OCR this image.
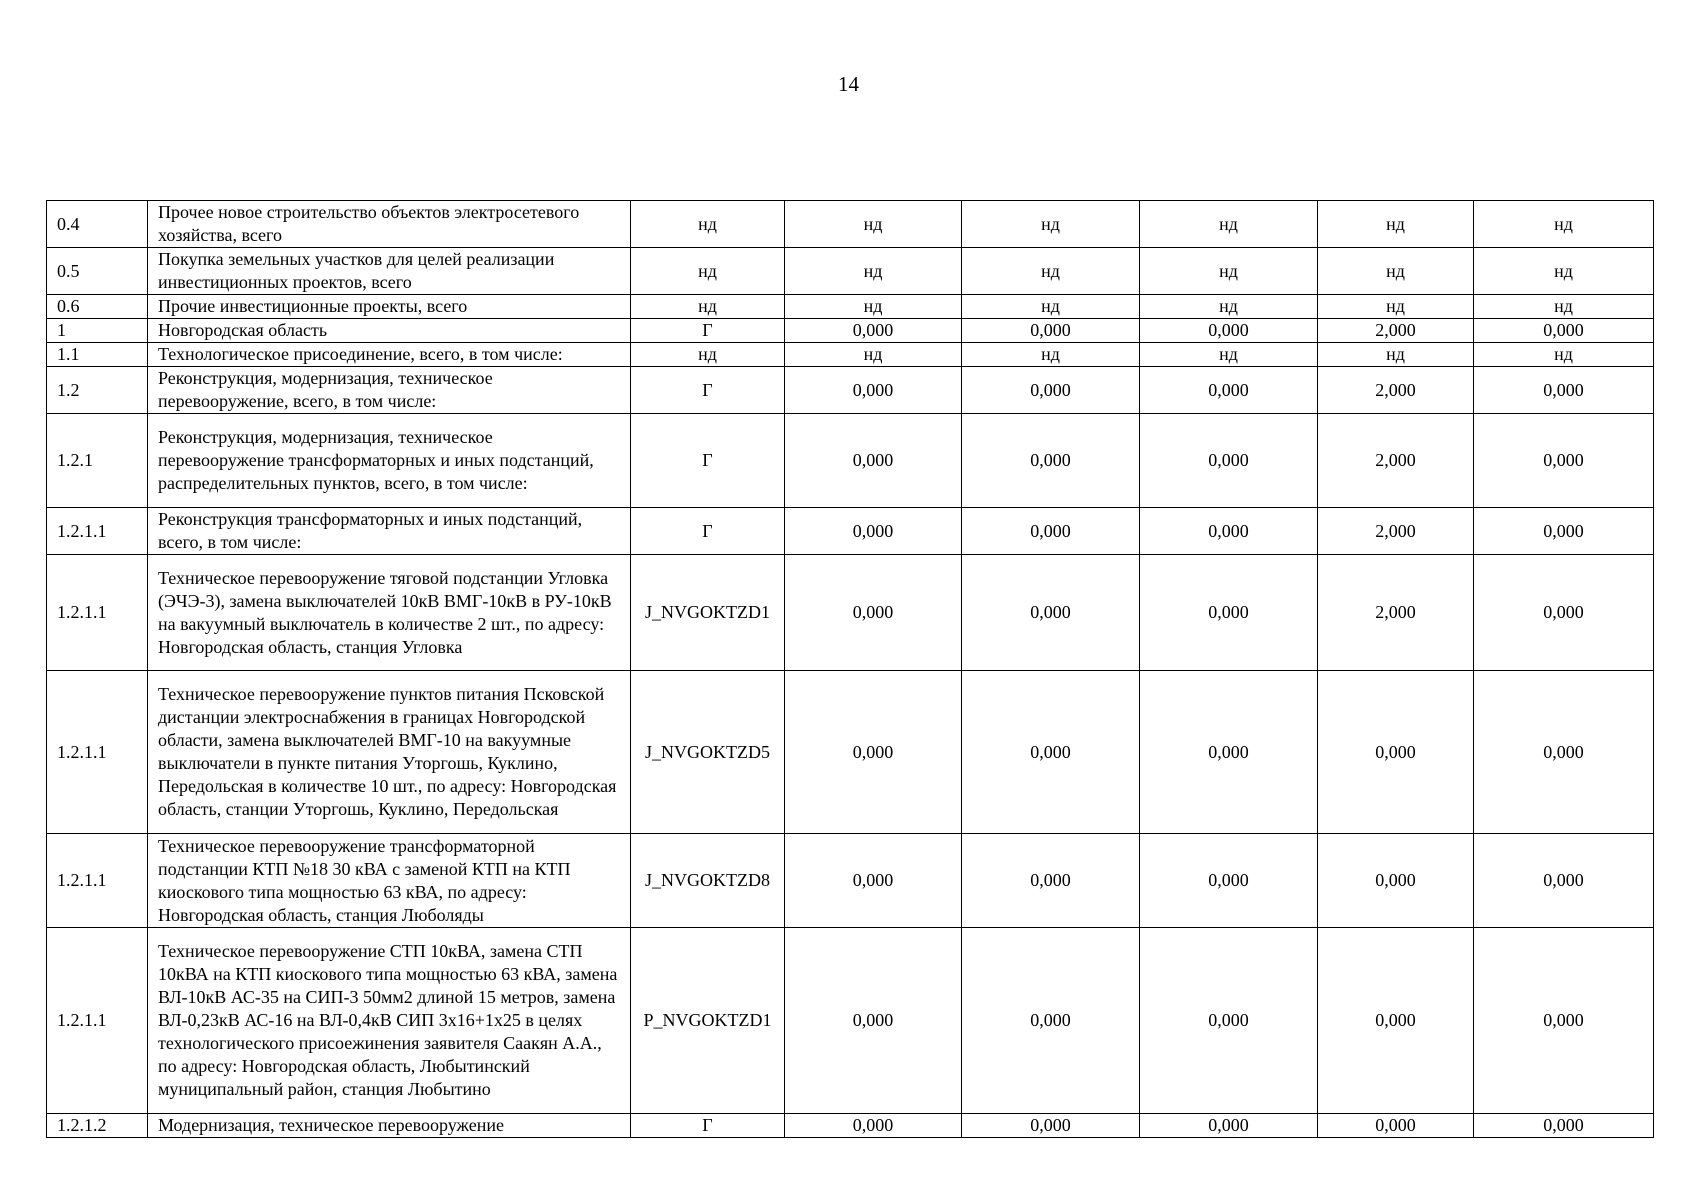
14
0.4	Прочее новое строительство объектов электросетевого хозяйства, всего	нд	нд	нд	нд	нд	нд
0.5	Покупка земельных участков для целей реализации инвестиционных проектов, всего	нд	нд	нд	нд	нд	нд
0.6	Прочие инвестиционные проекты, всего	нд	нд	нд	нд	нд	нд
1	Новгородская область	Г	0,000	0,000	0,000	2,000	0,000
1.1	Технологическое присоединение, всего, в том числе:	нд	нд	нд	нд	нд	нд
1.2	Реконструкция, модернизация, техническое перевооружение, всего, в том числе:	Г	0,000	0,000	0,000	2,000	0,000
1.2.1	Реконструкция, модернизация, техническое перевооружение трансформаторных и иных подстанций, распределительных пунктов, всего, в том числе:	Г	0,000	0,000	0,000	2,000	0,000
1.2.1.1	Реконструкция трансформаторных и иных подстанций, всего, в том числе:	Г	0,000	0,000	0,000	2,000	0,000
1.2.1.1	Техническое перевооружение тяговой подстанции Угловка (ЭЧЭ-3), замена выключателей 10кВ ВМГ-10кВ в РУ-10кВ на вакуумный выключатель в количестве 2 шт., по адресу: Новгородская область, станция Угловка	J_NVGOKTZD1	0,000	0,000	0,000	2,000	0,000
1.2.1.1	Техническое перевооружение пунктов питания Псковской дистанции электроснабжения в границах Новгородской области, замена выключателей ВМГ-10 на вакуумные выключатели в пункте питания Уторгошь, Куклино, Передольская в количестве 10 шт., по адресу: Новгородская область, станции Уторгошь, Куклино, Передольская	J_NVGOKTZD5	0,000	0,000	0,000	0,000	0,000
1.2.1.1	Техническое перевооружение трансформаторной подстанции КТП №18 30 кВА с заменой КТП на КТП киоскового типа мощностью 63 кВА, по адресу: Новгородская область, станция Люболяды	J_NVGOKTZD8	0,000	0,000	0,000	0,000	0,000
1.2.1.1	Техническое перевооружение СТП 10кВА, замена СТП 10кВА на КТП киоскового типа мощностью 63 кВА, замена ВЛ-10кВ АС-35 на СИП-3 50мм2 длиной 15 метров, замена ВЛ-0,23кВ АС-16 на ВЛ-0,4кВ СИП 3х16+1х25 в целях технологического присоежинения заявителя Саакян А.А., по адресу: Новгородская область, Любытинский муниципальный район, станция Любытино	P_NVGOKTZD1	0,000	0,000	0,000	0,000	0,000
1.2.1.2	Модернизация, техническое перевооружение	Г	0,000	0,000	0,000	0,000	0,000
